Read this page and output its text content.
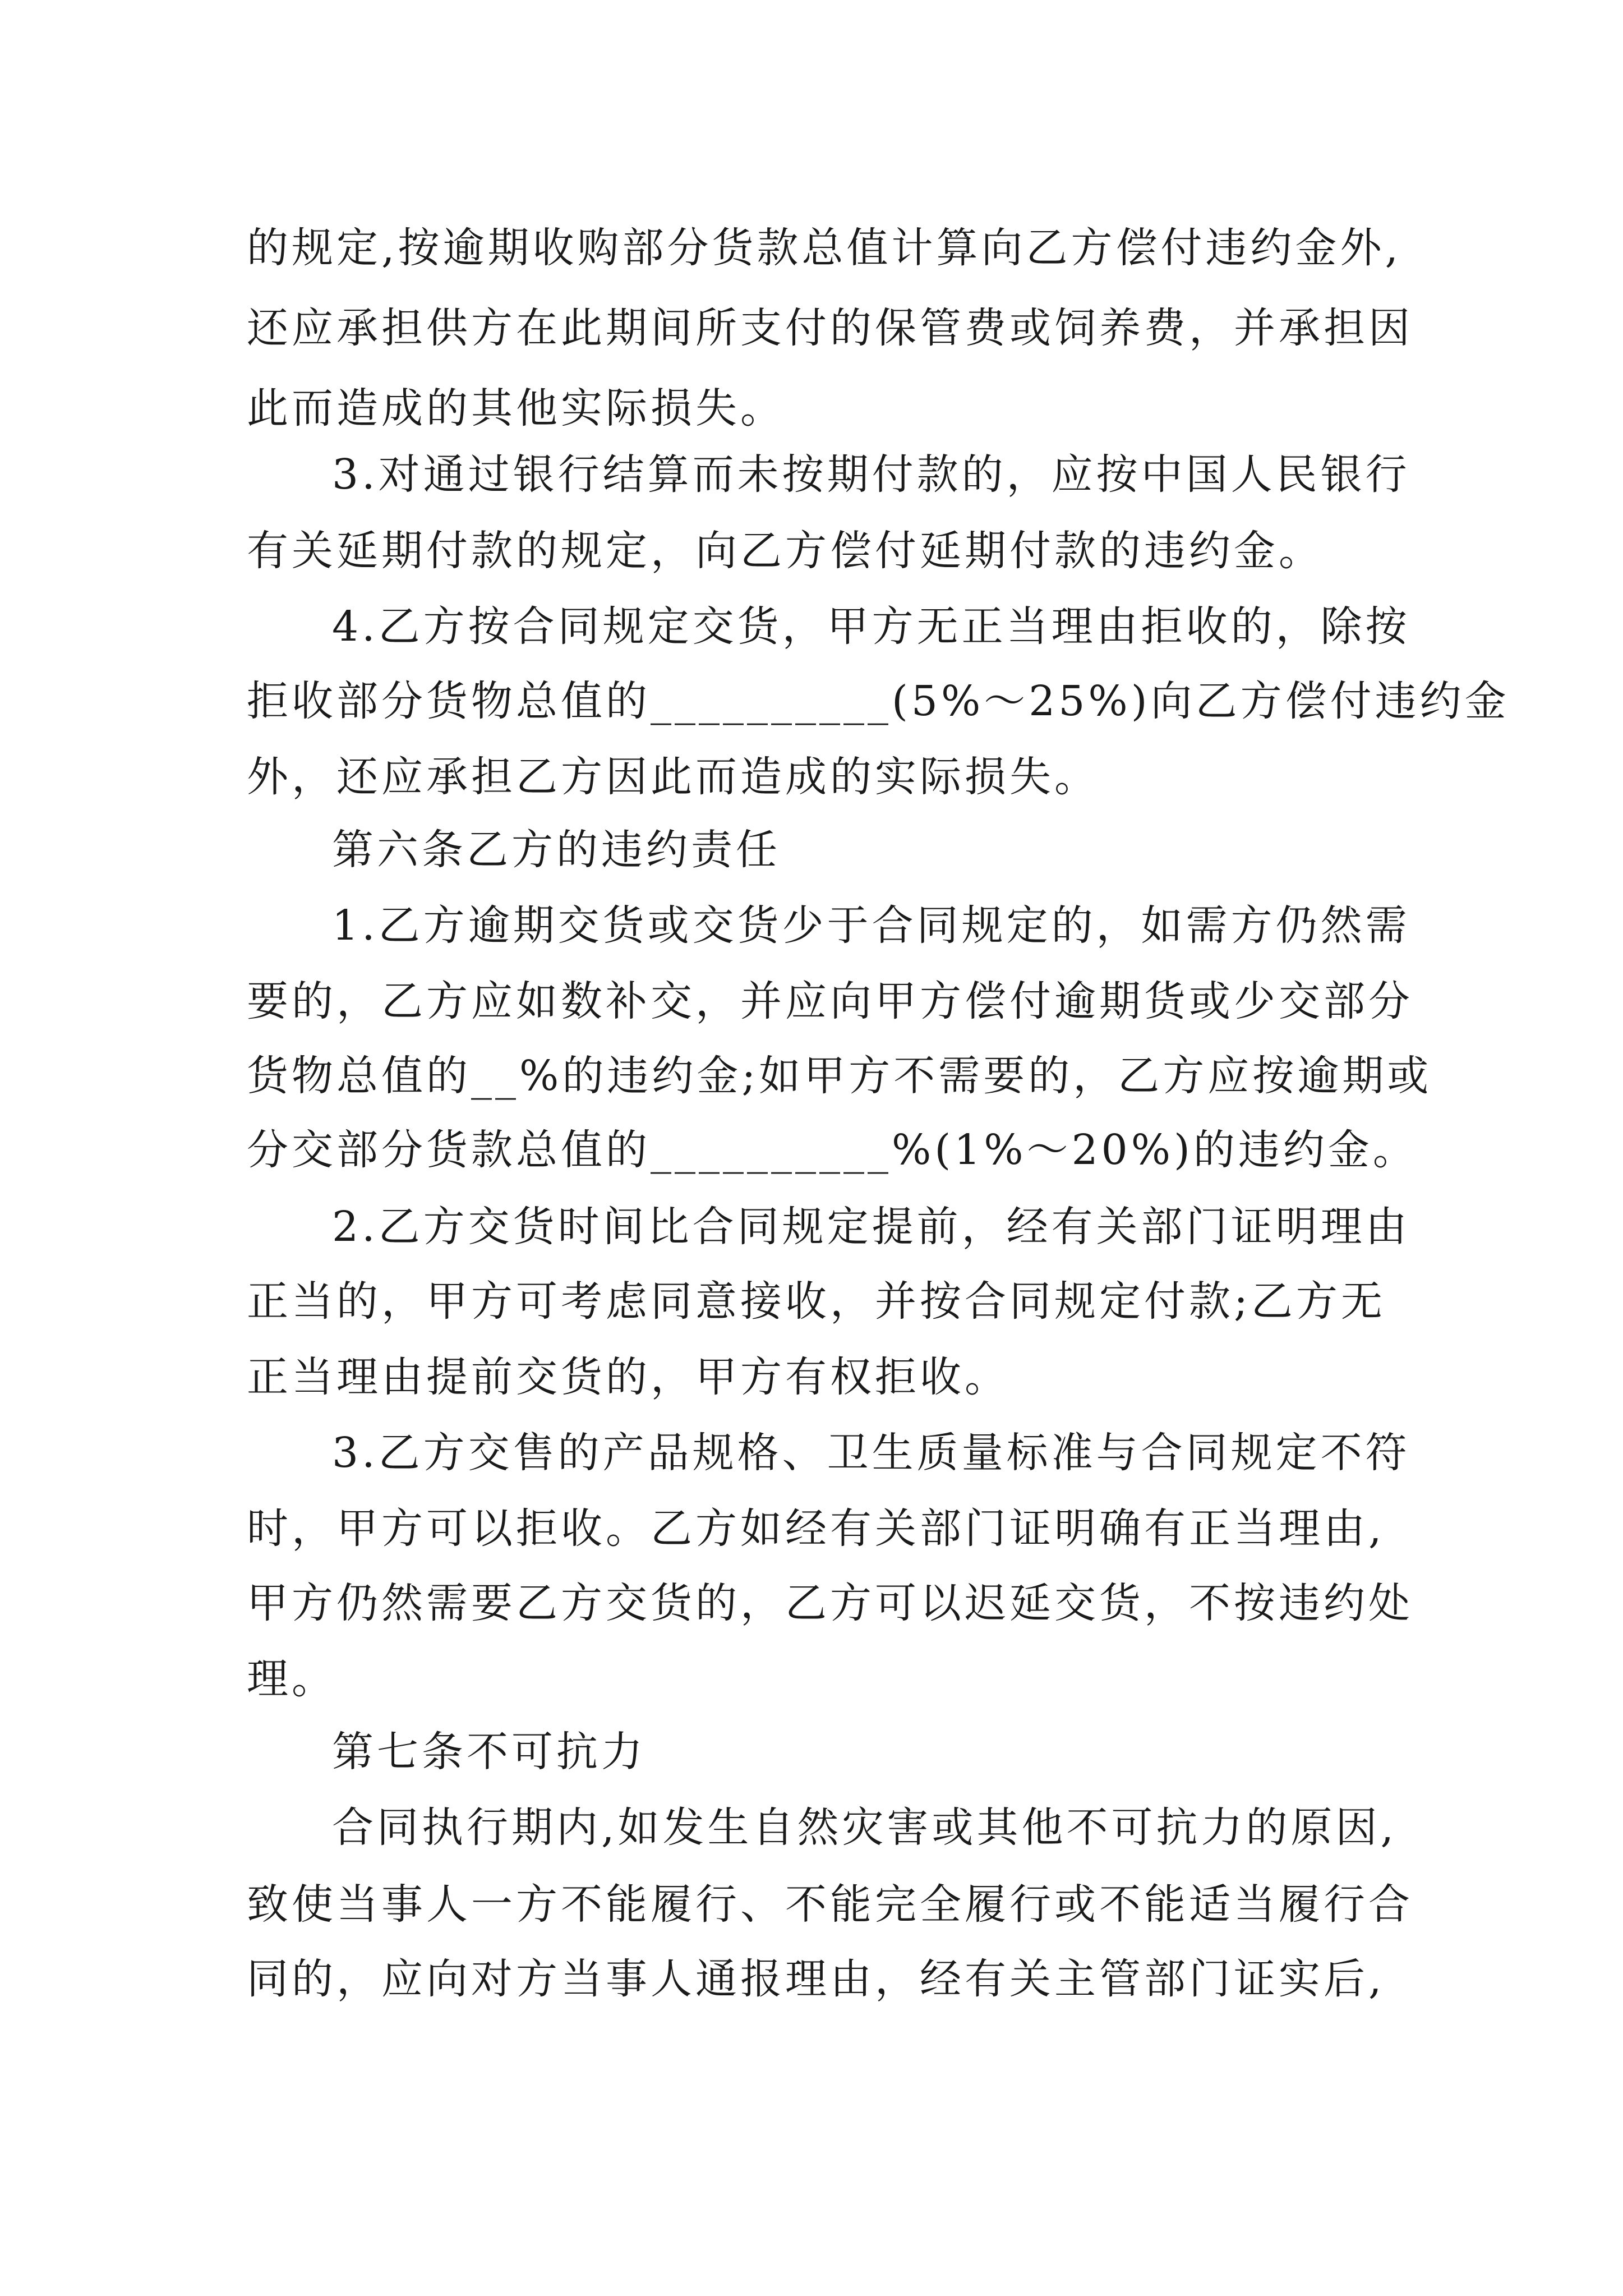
的规定,按逾期收购部分货款总值计算向乙方偿付违约金外,

还应承担供方在此期间所支付的保管费或饲养费，并承担因

此而造成的其他实际损失。

3.对通过银行结算而未按期付款的，应按中国人民银行

有关延期付款的规定，向乙方偿付延期付款的违约金。

4.乙方按合同规定交货，甲方无正当理由拒收的，除按

拒收部分货物总值的__________(5%～25%)向乙方偿付违约金

外，还应承担乙方因此而造成的实际损失。

第六条乙方的违约责任

1.乙方逾期交货或交货少于合同规定的，如需方仍然需

要的，乙方应如数补交，并应向甲方偿付逾期货或少交部分

货物总值的__%的违约金;如甲方不需要的，乙方应按逾期或

分交部分货款总值的__________%(1%～20%)的违约金。

2.乙方交货时间比合同规定提前，经有关部门证明理由

正当的，甲方可考虑同意接收，并按合同规定付款;乙方无

正当理由提前交货的，甲方有权拒收。

3.乙方交售的产品规格、卫生质量标准与合同规定不符

时，甲方可以拒收。乙方如经有关部门证明确有正当理由,

甲方仍然需要乙方交货的，乙方可以迟延交货，不按违约处

理。

第七条不可抗力

合同执行期内,如发生自然灾害或其他不可抗力的原因,

致使当事人一方不能履行、不能完全履行或不能适当履行合

同的，应向对方当事人通报理由，经有关主管部门证实后,
